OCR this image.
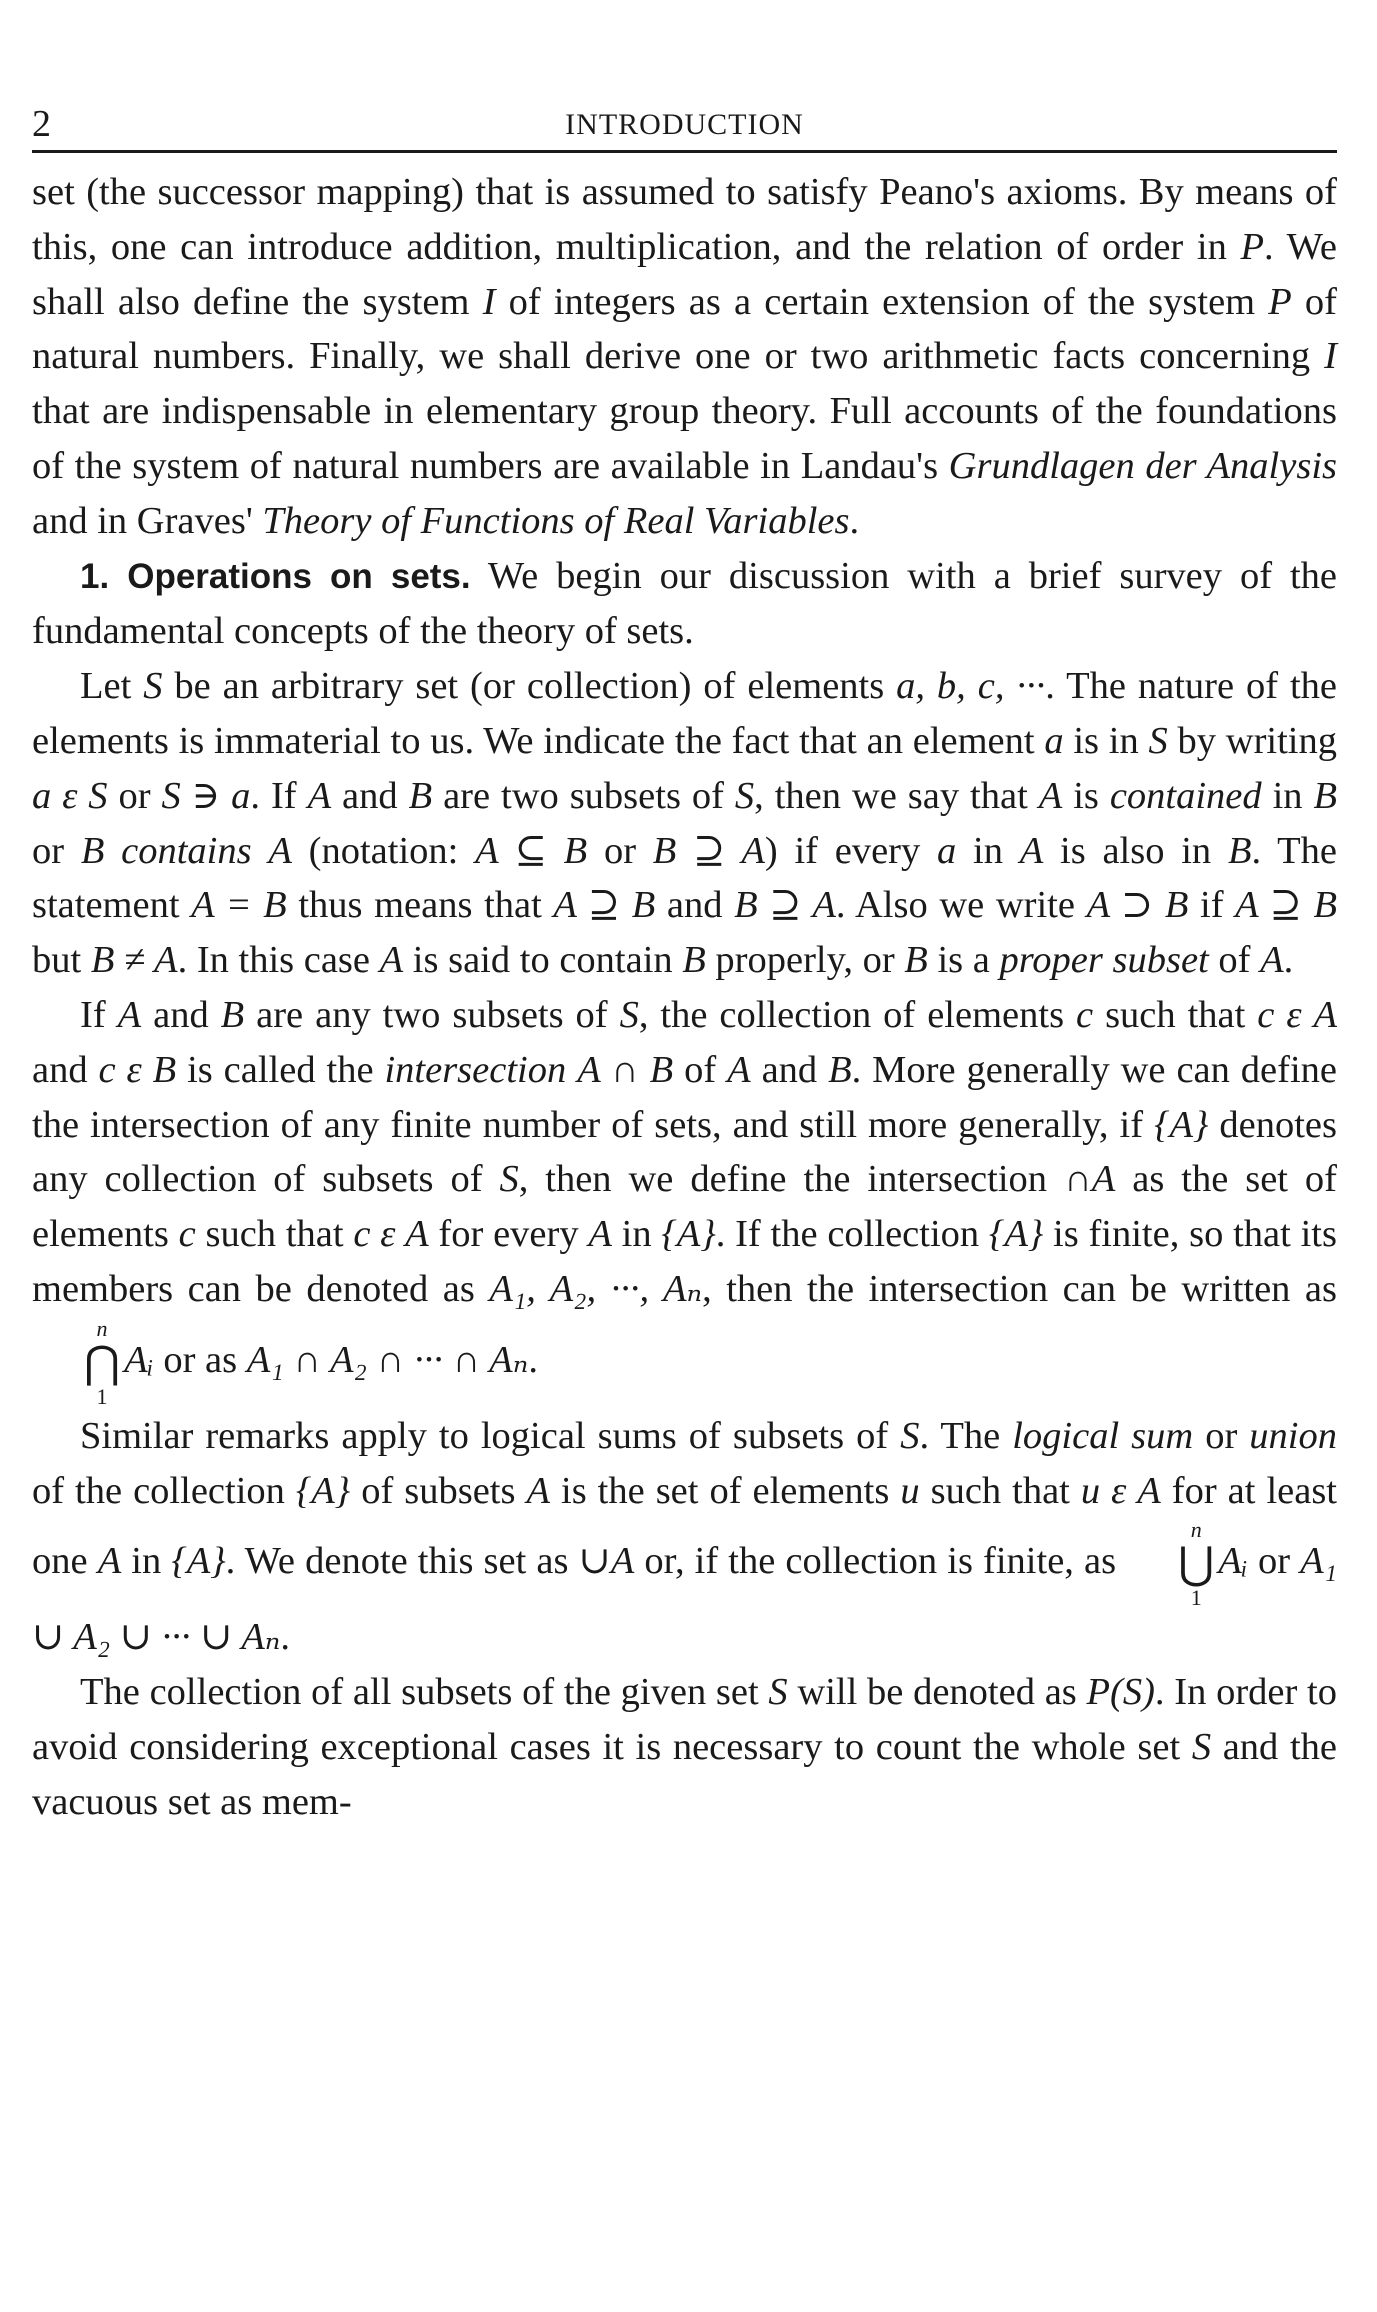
2	INTRODUCTION

set (the successor mapping) that is assumed to satisfy Peano's axioms. By means of this, one can introduce addition, multiplication, and the relation of order in P. We shall also define the system I of integers as a certain extension of the system P of natural numbers. Finally, we shall derive one or two arithmetic facts concerning I that are indispensable in elementary group theory. Full accounts of the foundations of the system of natural numbers are available in Landau's Grundlagen der Analysis and in Graves' Theory of Functions of Real Variables.

1. Operations on sets. We begin our discussion with a brief survey of the fundamental concepts of the theory of sets.

Let S be an arbitrary set (or collection) of elements a, b, c, ···. The nature of the elements is immaterial to us. We indicate the fact that an element a is in S by writing a ε S or S ∋ a. If A and B are two subsets of S, then we say that A is contained in B or B contains A (notation: A ⊆ B or B ⊇ A) if every a in A is also in B. The statement A = B thus means that A ⊇ B and B ⊇ A. Also we write A ⊃ B if A ⊇ B but B ≠ A. In this case A is said to contain B properly, or B is a proper subset of A.

If A and B are any two subsets of S, the collection of elements c such that c ε A and c ε B is called the intersection A ∩ B of A and B. More generally we can define the intersection of any finite number of sets, and still more generally, if {A} denotes any collection of subsets of S, then we define the intersection ∩A as the set of elements c such that c ε A for every A in {A}. If the collection {A} is finite, so that its members can be denoted as A₁, A₂, ···, Aₙ, then the intersection can be written as
n
⋂
1
Aᵢ or as A₁ ∩ A₂ ∩ ··· ∩ Aₙ.

Similar remarks apply to logical sums of subsets of S. The logical sum or union of the collection {A} of subsets A is the set of elements u such that u ε A for at least one A in {A}. We denote this set as ∪A or, if the collection is finite, as
n
⋃
1
Aᵢ or A₁ ∪ A₂ ∪ ··· ∪ Aₙ.

The collection of all subsets of the given set S will be denoted as P(S). In order to avoid considering exceptional cases it is necessary to count the whole set S and the vacuous set as mem-
